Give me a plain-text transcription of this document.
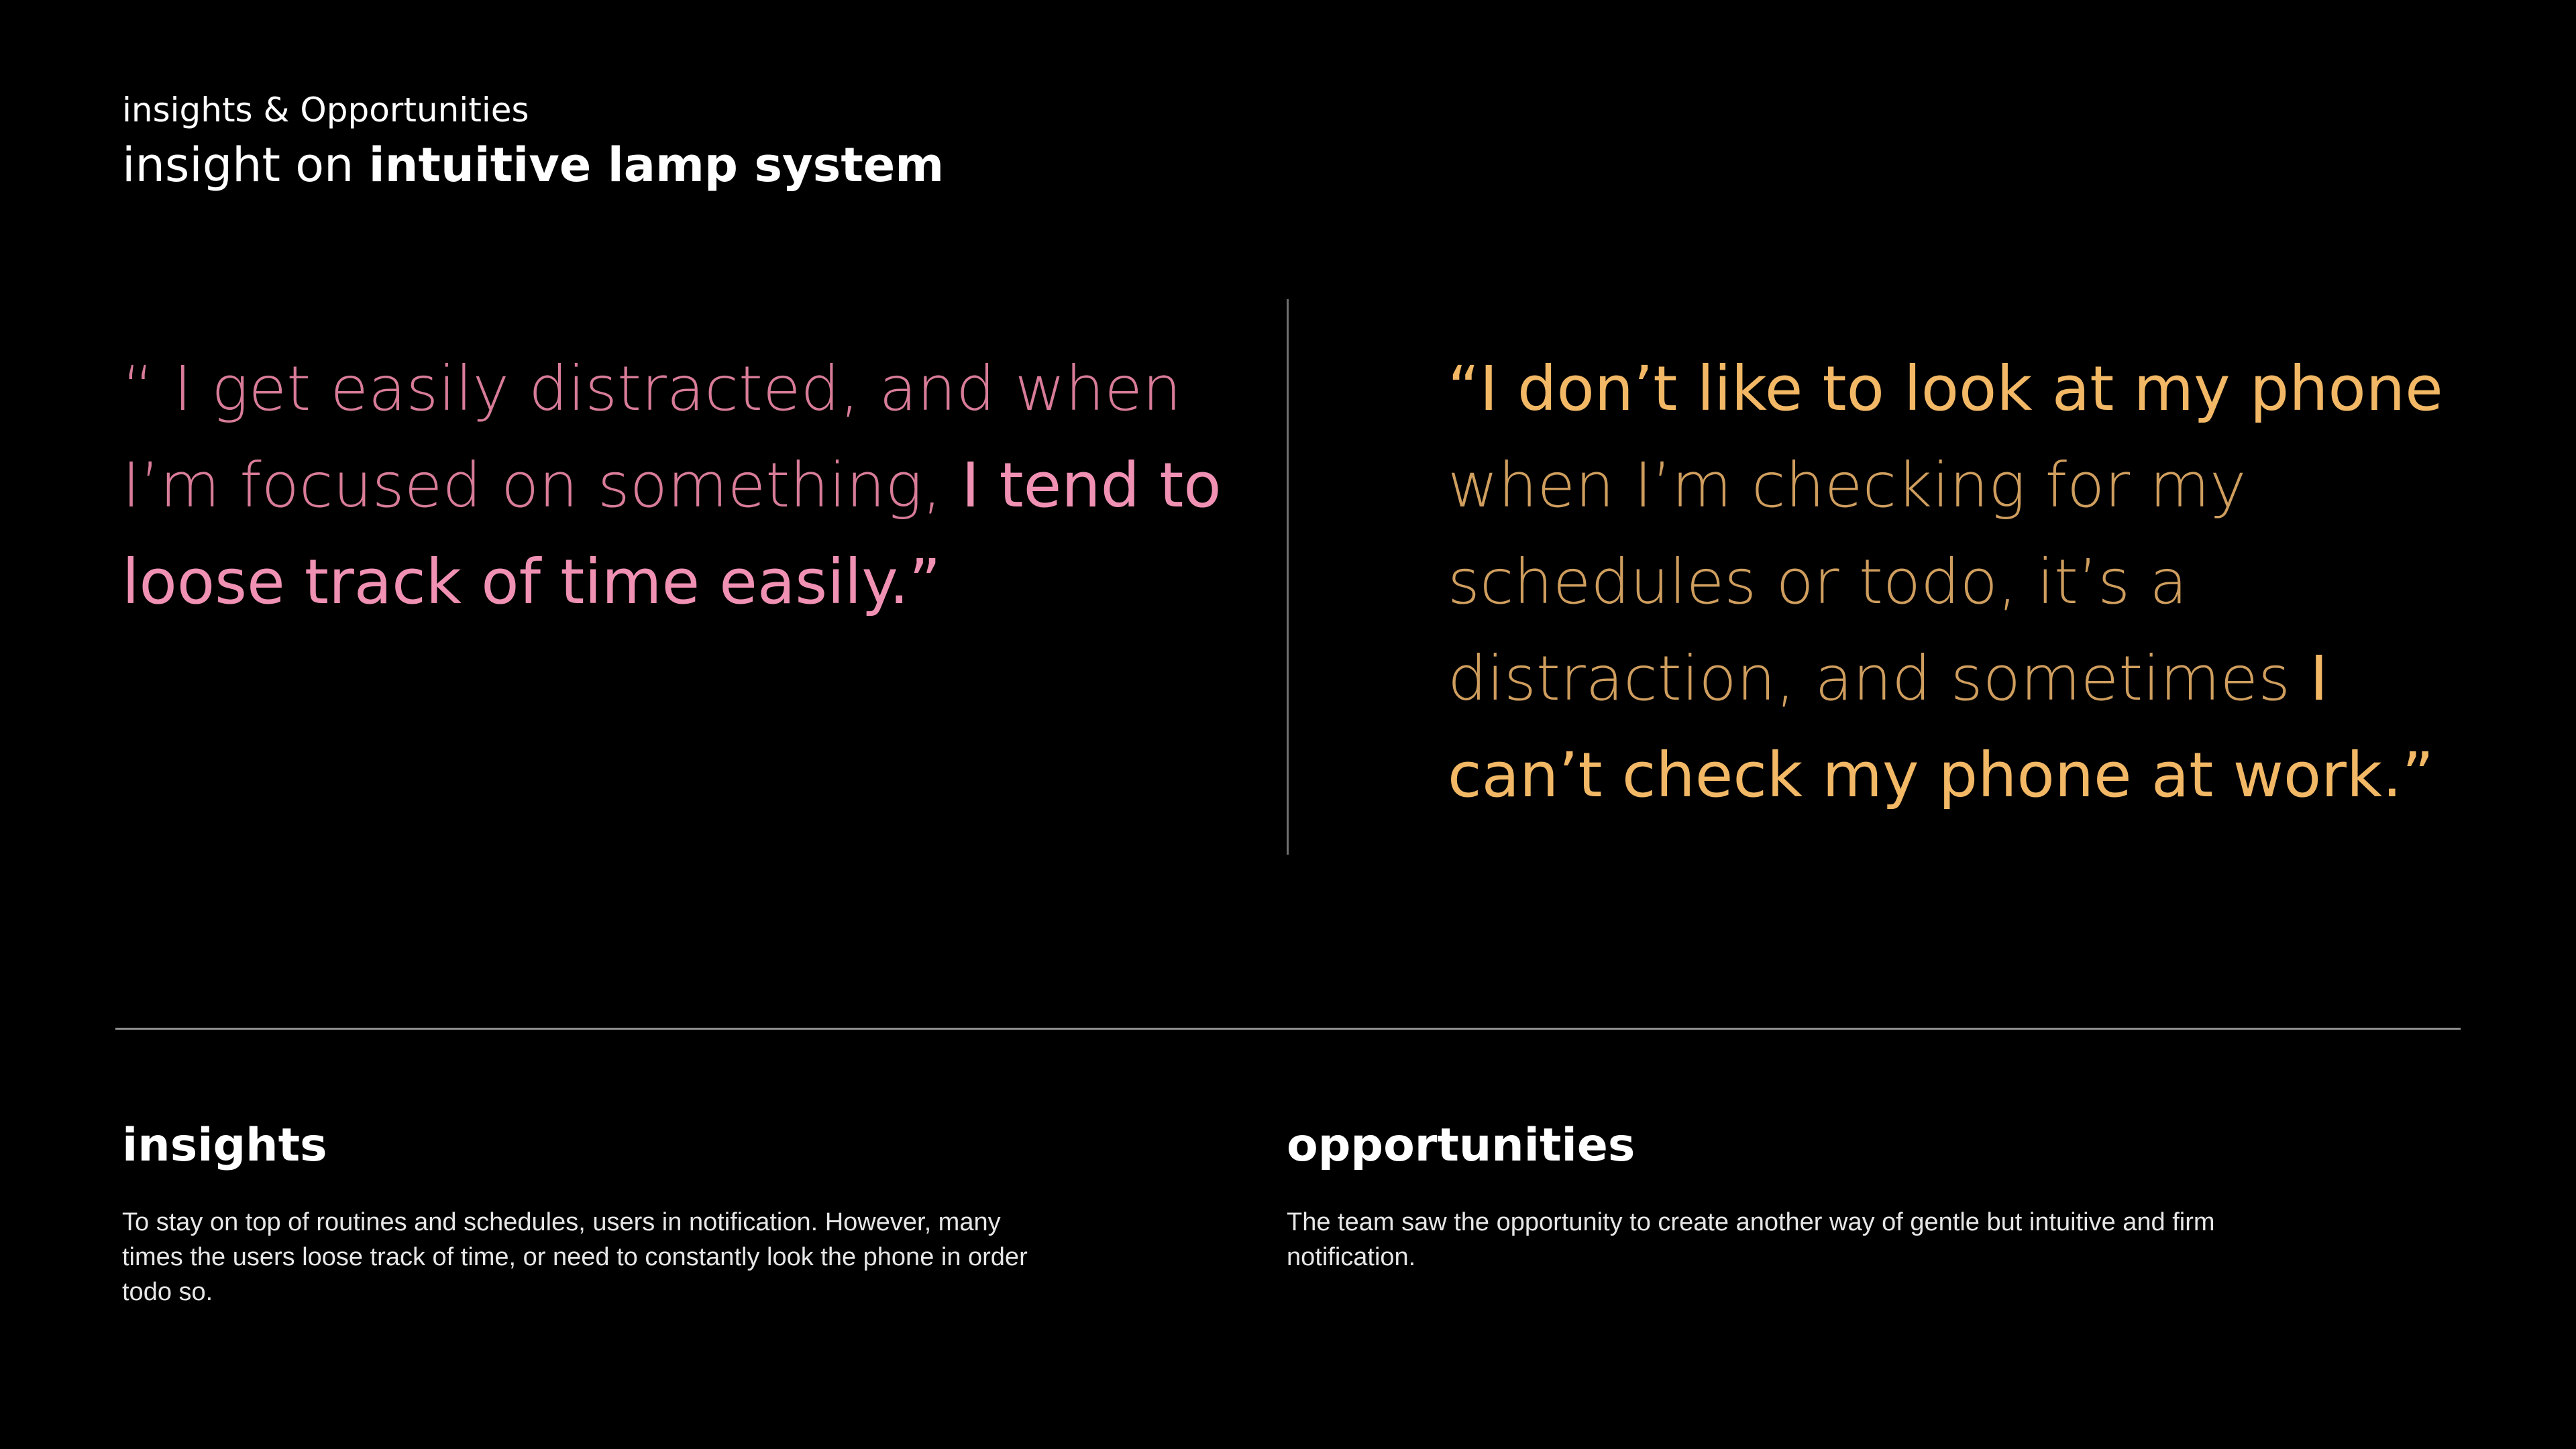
insights & Opportunities
insight on intuitive lamp system
“ I get easily distracted, and when I’m focused on something, I tend to loose track of time easily.”
“I don’t like to look at my phone when I’m checking for my schedules or todo, it’s a distraction, and sometimes I can’t check my phone at work.”
insights
To stay on top of routines and schedules, users in notification. However, many times the users loose track of time, or need to constantly look the phone in order todo so.
opportunities
The team saw the opportunity to create another way of gentle but intuitive and firm notification.
